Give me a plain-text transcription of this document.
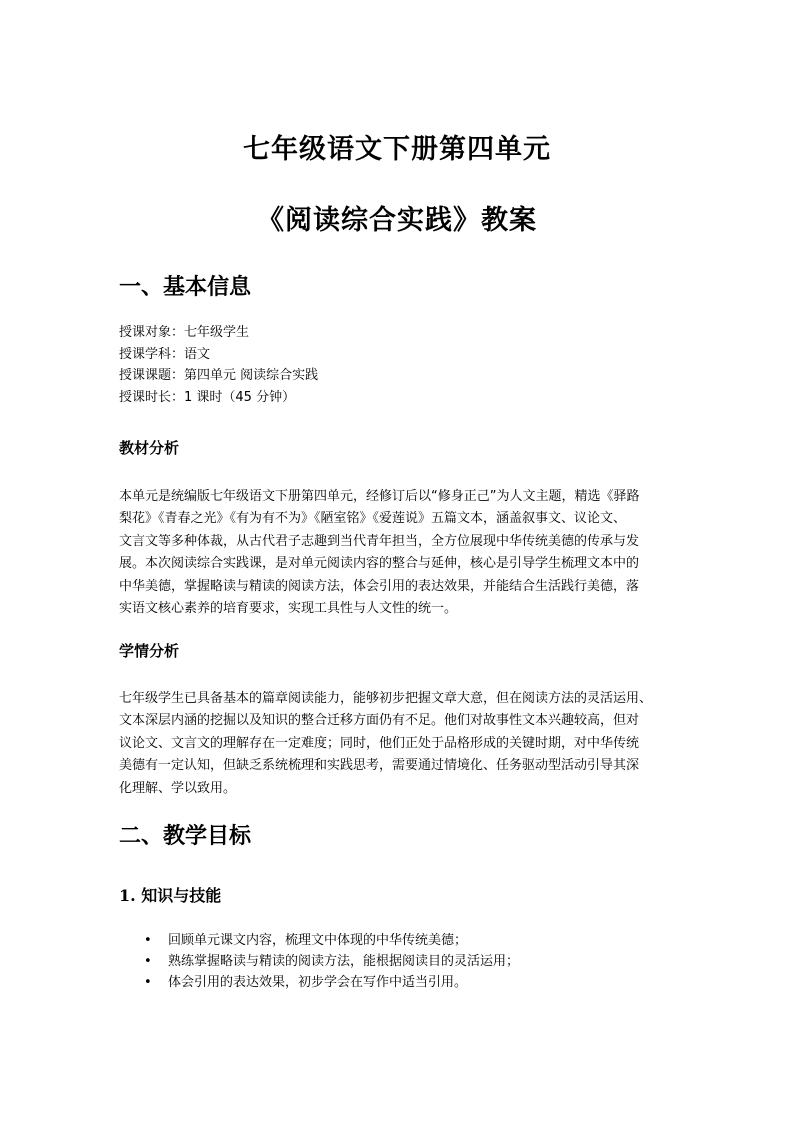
七年级语文下册第四单元
《阅读综合实践》教案
一、基本信息
授课对象：七年级学生
授课学科：语文
授课课题：第四单元 阅读综合实践
授课时长：1 课时（45 分钟）
教材分析
本单元是统编版七年级语文下册第四单元，经修订后以“修身正己”为人文主题，精选《驿路
梨花》《青春之光》《有为有不为》《陋室铭》《爱莲说》五篇文本，涵盖叙事文、议论文、
文言文等多种体裁，从古代君子志趣到当代青年担当，全方位展现中华传统美德的传承与发
展。本次阅读综合实践课，是对单元阅读内容的整合与延伸，核心是引导学生梳理文本中的
中华美德，掌握略读与精读的阅读方法，体会引用的表达效果，并能结合生活践行美德，落
实语文核心素养的培育要求，实现工具性与人文性的统一。
学情分析
七年级学生已具备基本的篇章阅读能力，能够初步把握文章大意，但在阅读方法的灵活运用、
文本深层内涵的挖掘以及知识的整合迁移方面仍有不足。他们对故事性文本兴趣较高，但对
议论文、文言文的理解存在一定难度；同时，他们正处于品格形成的关键时期，对中华传统
美德有一定认知，但缺乏系统梳理和实践思考，需要通过情境化、任务驱动型活动引导其深
化理解、学以致用。
二、教学目标
1. 知识与技能
• 回顾单元课文内容，梳理文中体现的中华传统美德；
• 熟练掌握略读与精读的阅读方法，能根据阅读目的灵活运用；
• 体会引用的表达效果，初步学会在写作中适当引用。
